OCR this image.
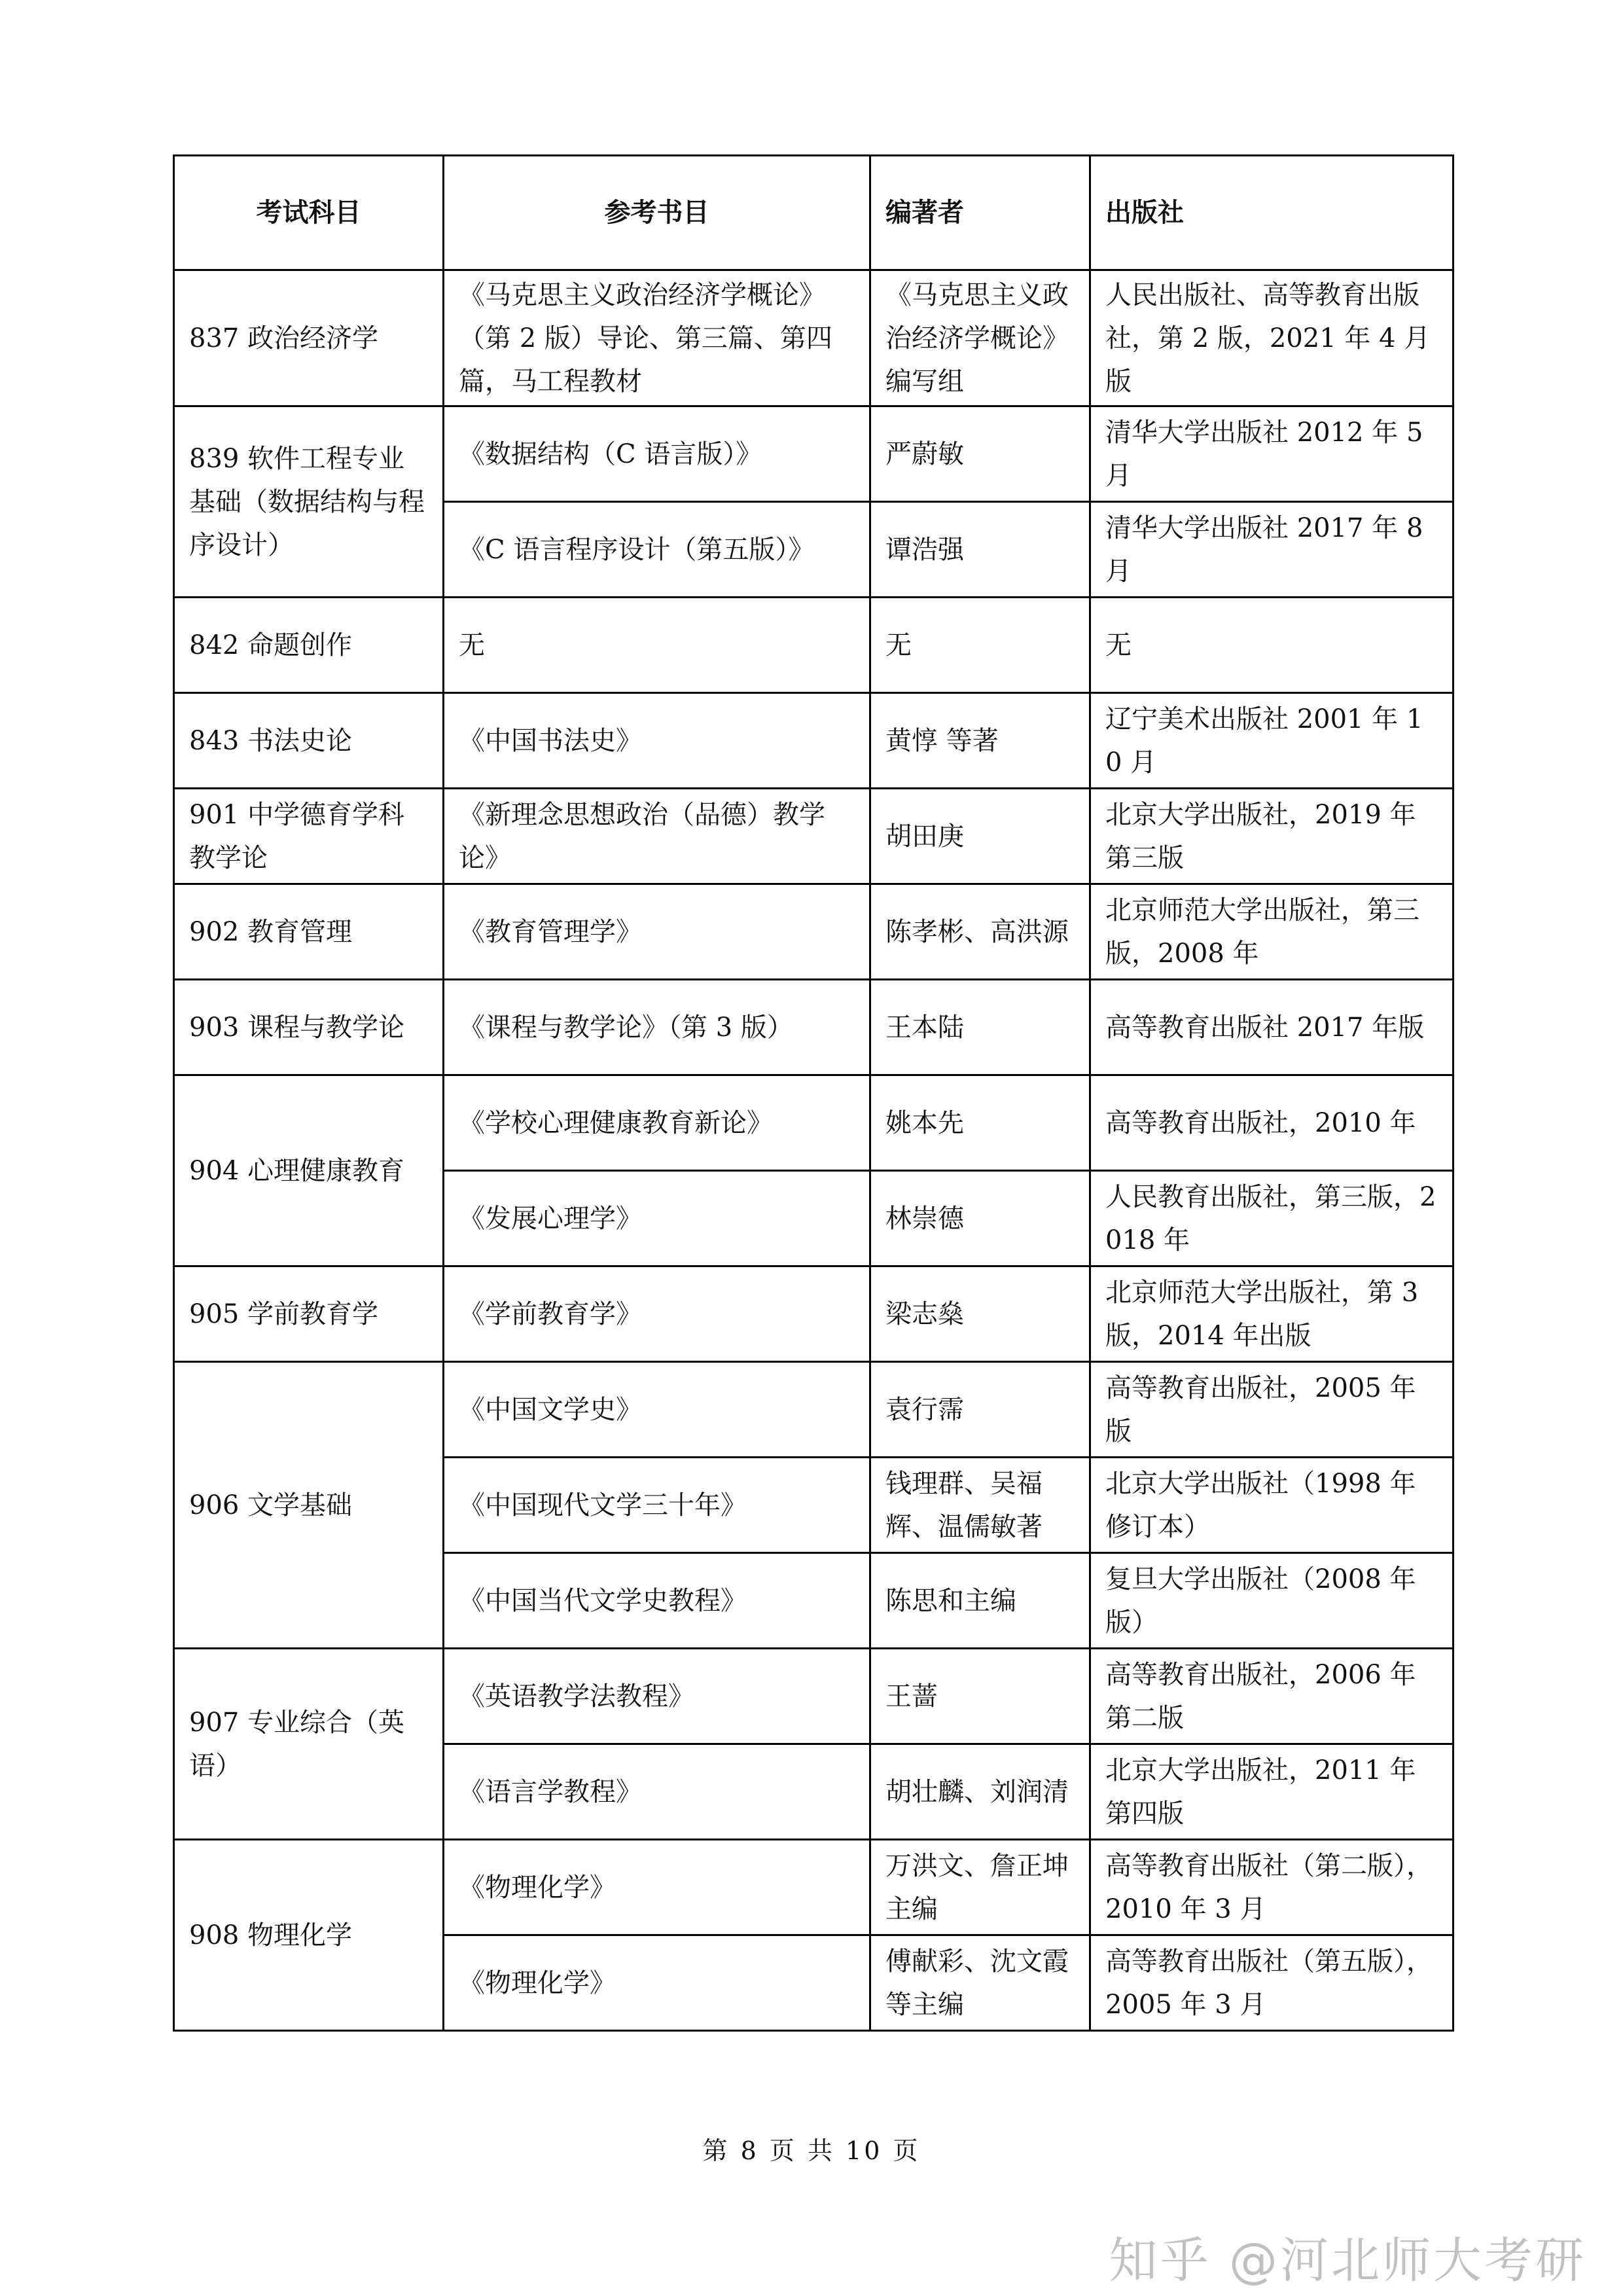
考试科目	参考书目	编著者	出版社
837 政治经济学	《马克思主义政治经济学概论》（第 2 版）导论、第三篇、第四篇，马工程教材	《马克思主义政治经济学概论》编写组	人民出版社、高等教育出版社，第 2 版，2021 年 4 月版
839 软件工程专业基础（数据结构与程序设计）	《数据结构（C 语言版）》	严蔚敏	清华大学出版社 2012 年 5 月
	《C 语言程序设计（第五版）》	谭浩强	清华大学出版社 2017 年 8 月
842 命题创作	无	无	无
843 书法史论	《中国书法史》	黄惇 等著	辽宁美术出版社 2001 年 10 月
901 中学德育学科教学论	《新理念思想政治（品德）教学论》	胡田庚	北京大学出版社，2019 年第三版
902 教育管理	《教育管理学》	陈孝彬、高洪源	北京师范大学出版社，第三版，2008 年
903 课程与教学论	《课程与教学论》（第 3 版）	王本陆	高等教育出版社 2017 年版
904 心理健康教育	《学校心理健康教育新论》	姚本先	高等教育出版社，2010 年
	《发展心理学》	林崇德	人民教育出版社，第三版，2018 年
905 学前教育学	《学前教育学》	梁志燊	北京师范大学出版社，第 3 版，2014 年出版
906 文学基础	《中国文学史》	袁行霈	高等教育出版社，2005 年版
	《中国现代文学三十年》	钱理群、吴福辉、温儒敏著	北京大学出版社（1998 年修订本）
	《中国当代文学史教程》	陈思和主编	复旦大学出版社（2008 年版）
907 专业综合（英语）	《英语教学法教程》	王蔷	高等教育出版社，2006 年第二版
	《语言学教程》	胡壮麟、刘润清	北京大学出版社，2011 年第四版
908 物理化学	《物理化学》	万洪文、詹正坤主编	高等教育出版社（第二版），2010 年 3 月
	《物理化学》	傅献彩、沈文霞等主编	高等教育出版社（第五版），2005 年 3 月
第 8 页 共 10 页
知乎 @河北师大考研
